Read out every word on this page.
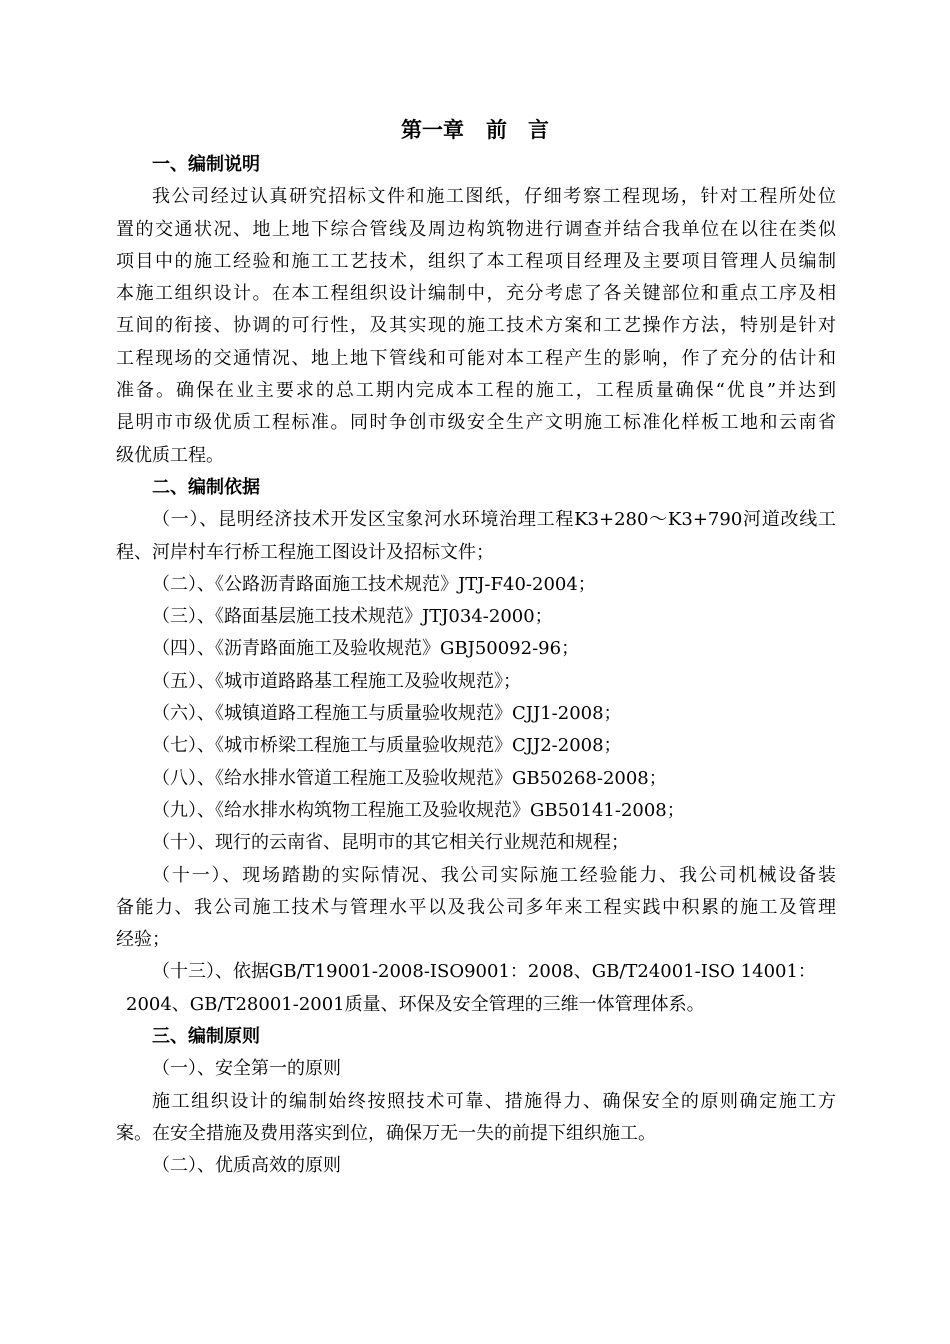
第一章 前　言
一、编制说明
我公司经过认真研究招标文件和施工图纸，仔细考察工程现场，针对工程所处位
置的交通状况、地上地下综合管线及周边构筑物进行调查并结合我单位在以往在类似
项目中的施工经验和施工工艺技术，组织了本工程项目经理及主要项目管理人员编制
本施工组织设计。在本工程组织设计编制中，充分考虑了各关键部位和重点工序及相
互间的衔接、协调的可行性，及其实现的施工技术方案和工艺操作方法，特别是针对
工程现场的交通情况、地上地下管线和可能对本工程产生的影响，作了充分的估计和
准备。确保在业主要求的总工期内完成本工程的施工，工程质量确保“优良”并达到
昆明市市级优质工程标准。同时争创市级安全生产文明施工标准化样板工地和云南省
级优质工程。
二、编制依据
（一）、昆明经济技术开发区宝象河水环境治理工程K3+280～K3+790河道改线工
程、河岸村车行桥工程施工图设计及招标文件；
（二）、《公路沥青路面施工技术规范》JTJ-F40-2004；
（三）、《路面基层施工技术规范》JTJ034-2000；
（四）、《沥青路面施工及验收规范》GBJ50092-96；
（五）、《城市道路路基工程施工及验收规范》；
（六）、《城镇道路工程施工与质量验收规范》CJJ1-2008；
（七）、《城市桥梁工程施工与质量验收规范》CJJ2-2008；
（八）、《给水排水管道工程施工及验收规范》GB50268-2008；
（九）、《给水排水构筑物工程施工及验收规范》GB50141-2008；
（十）、现行的云南省、昆明市的其它相关行业规范和规程；
（十一）、现场踏勘的实际情况、我公司实际施工经验能力、我公司机械设备装
备能力、我公司施工技术与管理水平以及我公司多年来工程实践中积累的施工及管理
经验；
（十三）、依据GB/T19001-2008-ISO9001：2008、GB/T24001-ISO 14001：
2004、GB/T28001-2001质量、环保及安全管理的三维一体管理体系。
三、编制原则
（一）、安全第一的原则
施工组织设计的编制始终按照技术可靠、措施得力、确保安全的原则确定施工方
案。在安全措施及费用落实到位，确保万无一失的前提下组织施工。
（二）、优质高效的原则
